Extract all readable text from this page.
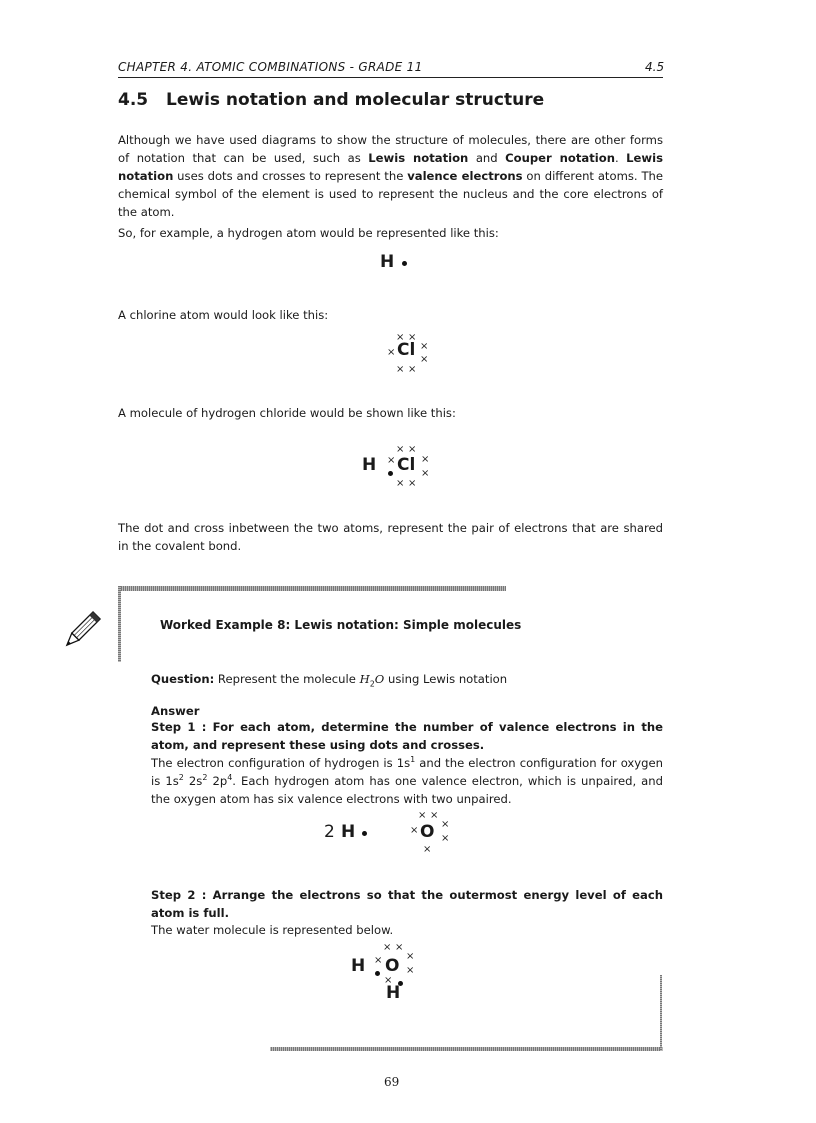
CHAPTER 4. ATOMIC COMBINATIONS - GRADE 11	4.5
4.5 Lewis notation and molecular structure
Although we have used diagrams to show the structure of molecules, there are other forms of notation that can be used, such as Lewis notation and Couper notation. Lewis notation uses dots and crosses to represent the valence electrons on different atoms. The chemical symbol of the element is used to represent the nucleus and the core electrons of the atom.
So, for example, a hydrogen atom would be represented like this:
H
A chlorine atom would look like this:
× ×
× Cl ×
×
× ×
A molecule of hydrogen chloride would be shown like this:
H
× ×
× Cl ×
×
× ×
The dot and cross inbetween the two atoms, represent the pair of electrons that are shared in the covalent bond.
Worked Example 8: Lewis notation: Simple molecules
Question: Represent the molecule $H_2O$ using Lewis notation
Answer
Step 1 : For each atom, determine the number of valence electrons in the atom, and represent these using dots and crosses.
The electron configuration of hydrogen is $1s^1$ and the electron configuration for oxygen is $1s^2$ $2s^2$ $2p^4$. Each hydrogen atom has one valence electron, which is unpaired, and the oxygen atom has six valence electrons with two unpaired.
2 H
× ×
× O ×
×
×
Step 2 : Arrange the electrons so that the outermost energy level of each atom is full.
The water molecule is represented below.
H
× ×
× ×
O ×
×
H
69
